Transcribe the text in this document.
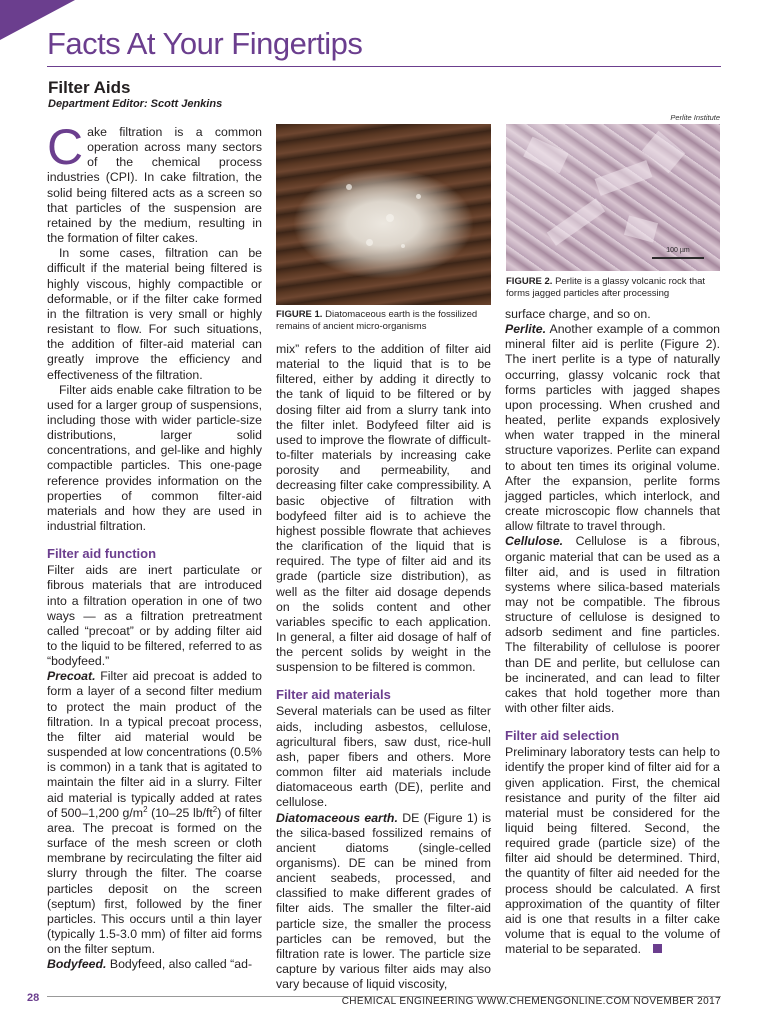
Facts At Your Fingertips
Filter Aids
Department Editor: Scott Jenkins

Cake filtration is a common operation across many sectors of the chemical process industries (CPI). In cake filtration, the solid being filtered acts as a screen so that particles of the suspension are retained by the medium, resulting in the formation of filter cakes.

In some cases, filtration can be difficult if the material being filtered is highly viscous, highly compactible or deformable, or if the filter cake formed in the filtration is very small or highly resistant to flow. For such situations, the addition of filter-aid material can greatly improve the efficiency and effectiveness of the filtration.

Filter aids enable cake filtration to be used for a larger group of suspensions, including those with wider particle-size distributions, larger solid concentrations, and gel-like and highly compactible particles. This one-page reference provides information on the properties of common filter-aid materials and how they are used in industrial filtration.

Filter aid function

Filter aids are inert particulate or fibrous materials that are introduced into a filtration operation in one of two ways — as a filtration pretreatment called “precoat” or by adding filter aid to the liquid to be filtered, referred to as “bodyfeed.”

Precoat. Filter aid precoat is added to form a layer of a second filter medium to protect the main product of the filtration. In a typical precoat process, the filter aid material would be suspended at low concentrations (0.5% is common) in a tank that is agitated to maintain the filter aid in a slurry. Filter aid material is typically added at rates of 500–1,200 $g/m^2$ (10–25 $lb/ft^2$) of filter area. The precoat is formed on the surface of the mesh screen or cloth membrane by recirculating the filter aid slurry through the filter. The coarse particles deposit on the screen (septum) first, followed by the finer particles. This occurs until a thin layer (typically 1.5-3.0 mm) of filter aid forms on the filter septum.

Bodyfeed. Bodyfeed, also called “ad-

FIGURE 1. Diatomaceous earth is the fossilized remains of ancient micro-organisms

mix” refers to the addition of filter aid material to the liquid that is to be filtered, either by adding it directly to the tank of liquid to be filtered or by dosing filter aid from a slurry tank into the filter inlet. Bodyfeed filter aid is used to improve the flowrate of difficult-to-filter materials by increasing cake porosity and permeability, and decreasing filter cake compressibility. A basic objective of filtration with bodyfeed filter aid is to achieve the highest possible flowrate that achieves the clarification of the liquid that is required. The type of filter aid and its grade (particle size distribution), as well as the filter aid dosage depends on the solids content and other variables specific to each application. In general, a filter aid dosage of half of the percent solids by weight in the suspension to be filtered is common.

Filter aid materials

Several materials can be used as filter aids, including asbestos, cellulose, agricultural fibers, saw dust, rice-hull ash, paper fibers and others. More common filter aid materials include diatomaceous earth (DE), perlite and cellulose.

Diatomaceous earth. DE (Figure 1) is the silica-based fossilized remains of ancient diatoms (single-celled organisms). DE can be mined from ancient seabeds, processed, and classified to make different grades of filter aids. The smaller the filter-aid particle size, the smaller the process particles can be removed, but the filtration rate is lower. The particle size capture by various filter aids may also vary because of liquid viscosity,

Perlite Institute
100 µm
FIGURE 2. Perlite is a glassy volcanic rock that forms jagged particles after processing

surface charge, and so on.

Perlite. Another example of a common mineral filter aid is perlite (Figure 2). The inert perlite is a type of naturally occurring, glassy volcanic rock that forms particles with jagged shapes upon processing. When crushed and heated, perlite expands explosively when water trapped in the mineral structure vaporizes. Perlite can expand to about ten times its original volume. After the expansion, perlite forms jagged particles, which interlock, and create microscopic flow channels that allow filtrate to travel through.

Cellulose. Cellulose is a fibrous, organic material that can be used as a filter aid, and is used in filtration systems where silica-based materials may not be compatible. The fibrous structure of cellulose is designed to adsorb sediment and fine particles. The filterability of cellulose is poorer than DE and perlite, but cellulose can be incinerated, and can lead to filter cakes that hold together more than with other filter aids.

Filter aid selection

Preliminary laboratory tests can help to identify the proper kind of filter aid for a given application. First, the chemical resistance and purity of the filter aid material must be considered for the liquid being filtered. Second, the required grade (particle size) of the filter aid should be determined. Third, the quantity of filter aid needed for the process should be calculated. A first approximation of the quantity of filter aid is one that results in a filter cake volume that is equal to the volume of material to be separated.

28	CHEMICAL ENGINEERING WWW.CHEMENGONLINE.COM NOVEMBER 2017
